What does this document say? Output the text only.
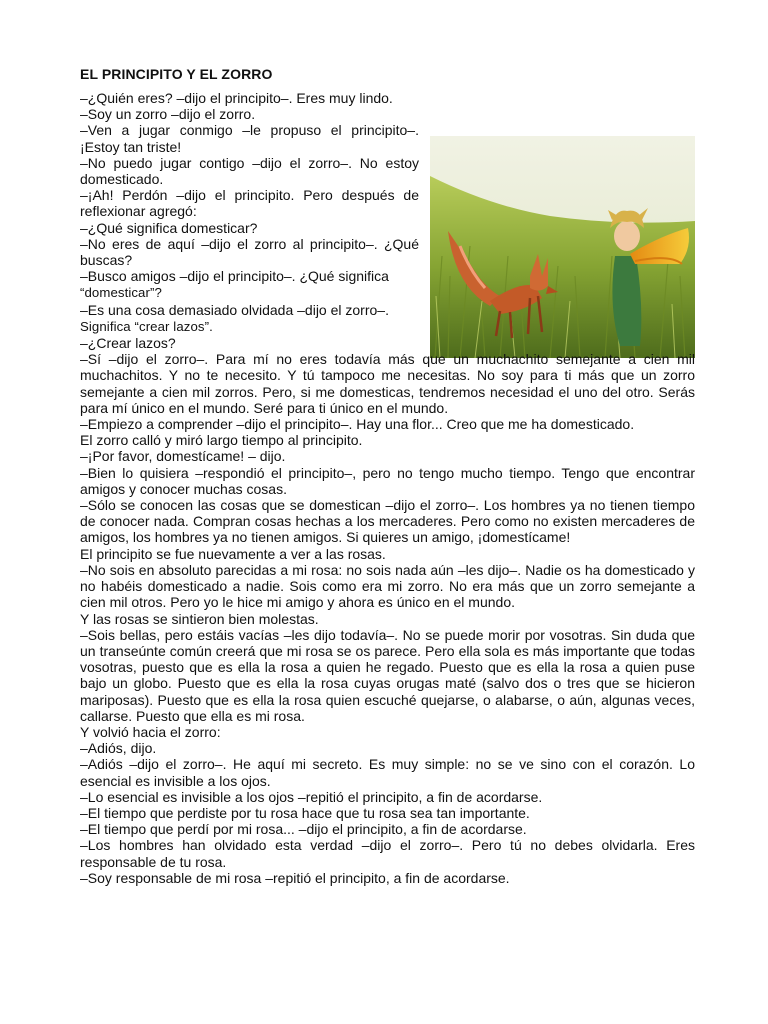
EL PRINCIPITO Y EL ZORRO

–¿Quién eres? –dijo el principito–. Eres muy lindo.

–Soy un zorro –dijo el zorro.

–Ven a jugar conmigo –le propuso el principito–. ¡Estoy tan triste!

–No puedo jugar contigo –dijo el zorro–. No estoy domesticado.

–¡Ah! Perdón –dijo el principito. Pero después de reflexionar agregó:

–¿Qué significa domesticar?

–No eres de aquí –dijo el zorro al principito–. ¿Qué buscas?

–Busco amigos –dijo el principito–. ¿Qué significa
“domesticar”?

–Es una cosa demasiado olvidada –dijo el zorro–.
Significa “crear lazos”.

–¿Crear lazos?

–Sí –dijo el zorro–. Para mí no eres todavía más que un muchachito semejante a cien mil muchachitos. Y no te necesito. Y tú tampoco me necesitas. No soy para ti más que un zorro semejante a cien mil zorros. Pero, si me domesticas, tendremos necesidad el uno del otro. Serás para mí único en el mundo. Seré para ti único en el mundo.

–Empiezo a comprender –dijo el principito–. Hay una flor... Creo que me ha domesticado.

El zorro calló y miró largo tiempo al principito.

–¡Por favor, domestícame! – dijo.

–Bien lo quisiera –respondió el principito–, pero no tengo mucho tiempo. Tengo que encontrar amigos y conocer muchas cosas.

–Sólo se conocen las cosas que se domestican –dijo el zorro–. Los hombres ya no tienen tiempo de conocer nada. Compran cosas hechas a los mercaderes. Pero como no existen mercaderes de amigos, los hombres ya no tienen amigos. Si quieres un amigo, ¡domestícame!

El principito se fue nuevamente a ver a las rosas.

–No sois en absoluto parecidas a mi rosa: no sois nada aún –les dijo–. Nadie os ha domesticado y no habéis domesticado a nadie. Sois como era mi zorro. No era más que un zorro semejante a cien mil otros. Pero yo le hice mi amigo y ahora es único en el mundo.

Y las rosas se sintieron bien molestas.

–Sois bellas, pero estáis vacías –les dijo todavía–. No se puede morir por vosotras. Sin duda que un transeúnte común creerá que mi rosa se os parece. Pero ella sola es más importante que todas vosotras, puesto que es ella la rosa a quien he regado. Puesto que es ella la rosa a quien puse bajo un globo. Puesto que es ella la rosa cuyas orugas maté (salvo dos o tres que se hicieron mariposas). Puesto que es ella la rosa quien escuché quejarse, o alabarse, o aún, algunas veces, callarse. Puesto que ella es mi rosa.

Y volvió hacia el zorro:

–Adiós, dijo.

–Adiós –dijo el zorro–. He aquí mi secreto. Es muy simple: no se ve sino con el corazón. Lo esencial es invisible a los ojos.

–Lo esencial es invisible a los ojos –repitió el principito, a fin de acordarse.

–El tiempo que perdiste por tu rosa hace que tu rosa sea tan importante.

–El tiempo que perdí por mi rosa... –dijo el principito, a fin de acordarse.

–Los hombres han olvidado esta verdad –dijo el zorro–. Pero tú no debes olvidarla. Eres responsable de tu rosa.

–Soy responsable de mi rosa –repitió el principito, a fin de acordarse.
